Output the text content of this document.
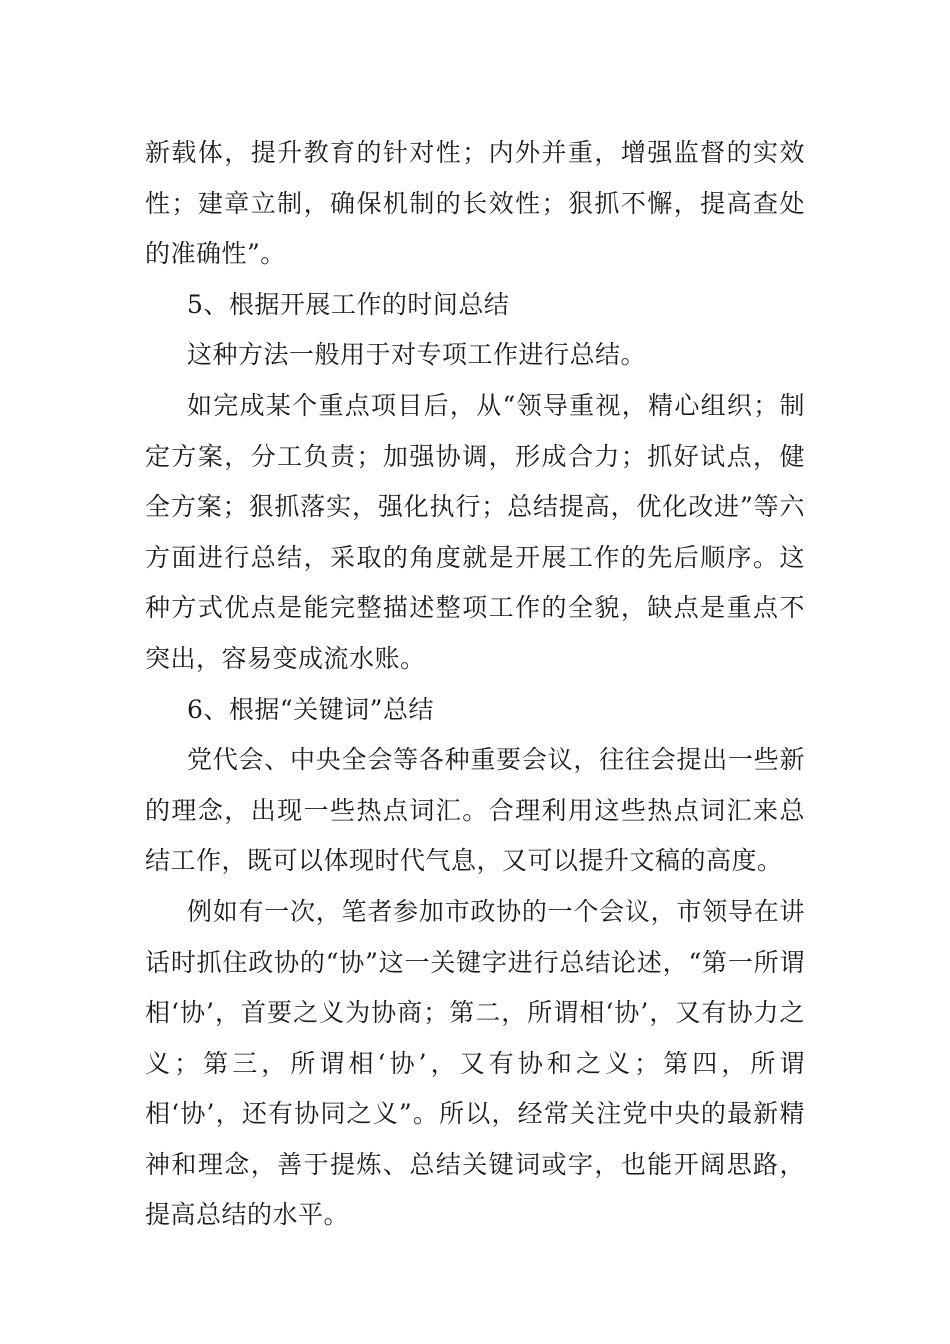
新载体，提升教育的针对性；内外并重，增强监督的实效性；建章立制，确保机制的长效性；狠抓不懈，提高查处的准确性”。

5、根据开展工作的时间总结

这种方法一般用于对专项工作进行总结。

如完成某个重点项目后，从“领导重视，精心组织；制定方案，分工负责；加强协调，形成合力；抓好试点，健全方案；狠抓落实，强化执行；总结提高，优化改进”等六方面进行总结，采取的角度就是开展工作的先后顺序。这种方式优点是能完整描述整项工作的全貌，缺点是重点不突出，容易变成流水账。

6、根据“关键词”总结

党代会、中央全会等各种重要会议，往往会提出一些新的理念，出现一些热点词汇。合理利用这些热点词汇来总结工作，既可以体现时代气息，又可以提升文稿的高度。

例如有一次，笔者参加市政协的一个会议，市领导在讲话时抓住政协的“协”这一关键字进行总结论述，“第一所谓相‘协’，首要之义为协商；第二，所谓相‘协’，又有协力之义；第三，所谓相‘协’，又有协和之义；第四，所谓相‘协’，还有协同之义”。所以，经常关注党中央的最新精神和理念，善于提炼、总结关键词或字，也能开阔思路，提高总结的水平。
